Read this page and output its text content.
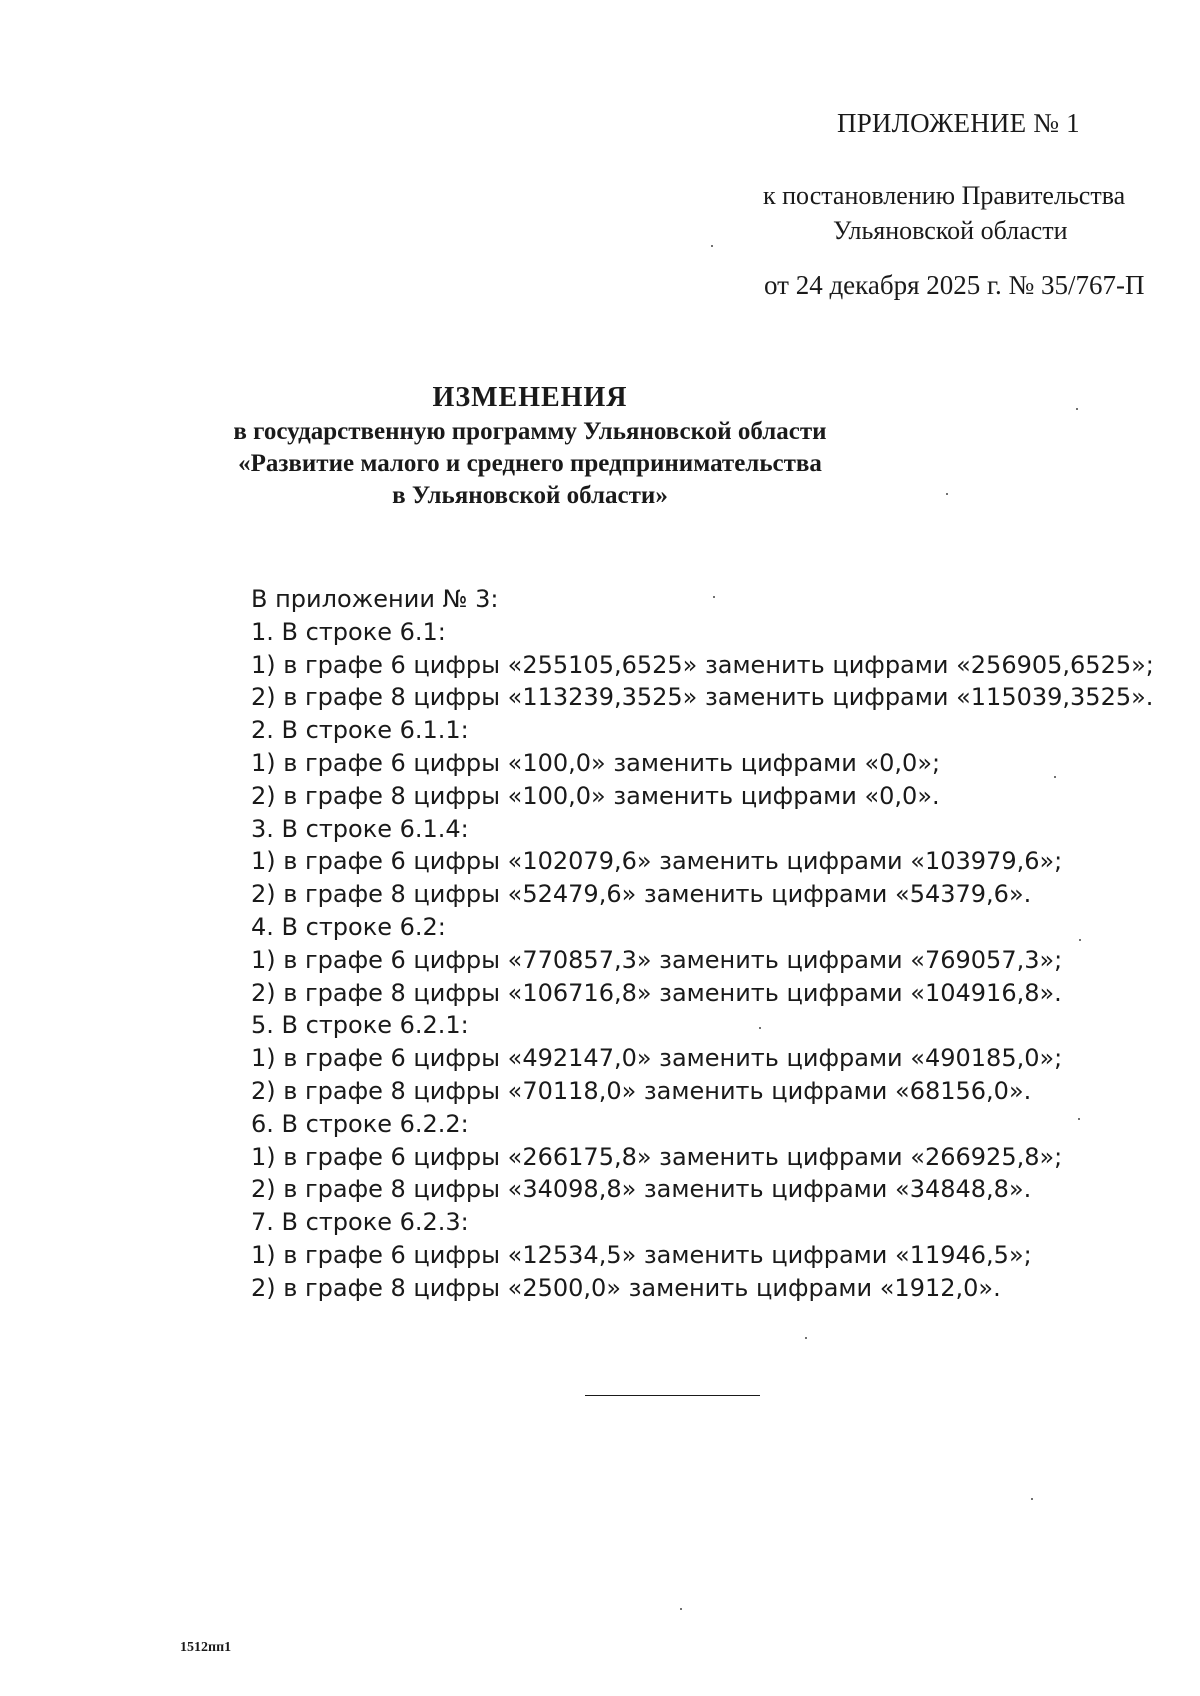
ПРИЛОЖЕНИЕ № 1
к постановлению Правительства
Ульяновской области
от 24 декабря 2025 г. № 35/767-П
ИЗМЕНЕНИЯ
в государственную программу Ульяновской области
«Развитие малого и среднего предпринимательства
в Ульяновской области»
В приложении № 3:
1. В строке 6.1:
1) в графе 6 цифры «255105,6525» заменить цифрами «256905,6525»;
2) в графе 8 цифры «113239,3525» заменить цифрами «115039,3525».
2. В строке 6.1.1:
1) в графе 6 цифры «100,0» заменить цифрами «0,0»;
2) в графе 8 цифры «100,0» заменить цифрами «0,0».
3. В строке 6.1.4:
1) в графе 6 цифры «102079,6» заменить цифрами «103979,6»;
2) в графе 8 цифры «52479,6» заменить цифрами «54379,6».
4. В строке 6.2:
1) в графе 6 цифры «770857,3» заменить цифрами «769057,3»;
2) в графе 8 цифры «106716,8» заменить цифрами «104916,8».
5. В строке 6.2.1:
1) в графе 6 цифры «492147,0» заменить цифрами «490185,0»;
2) в графе 8 цифры «70118,0» заменить цифрами «68156,0».
6. В строке 6.2.2:
1) в графе 6 цифры «266175,8» заменить цифрами «266925,8»;
2) в графе 8 цифры «34098,8» заменить цифрами «34848,8».
7. В строке 6.2.3:
1) в графе 6 цифры «12534,5» заменить цифрами «11946,5»;
2) в графе 8 цифры «2500,0» заменить цифрами «1912,0».
1512пп1
